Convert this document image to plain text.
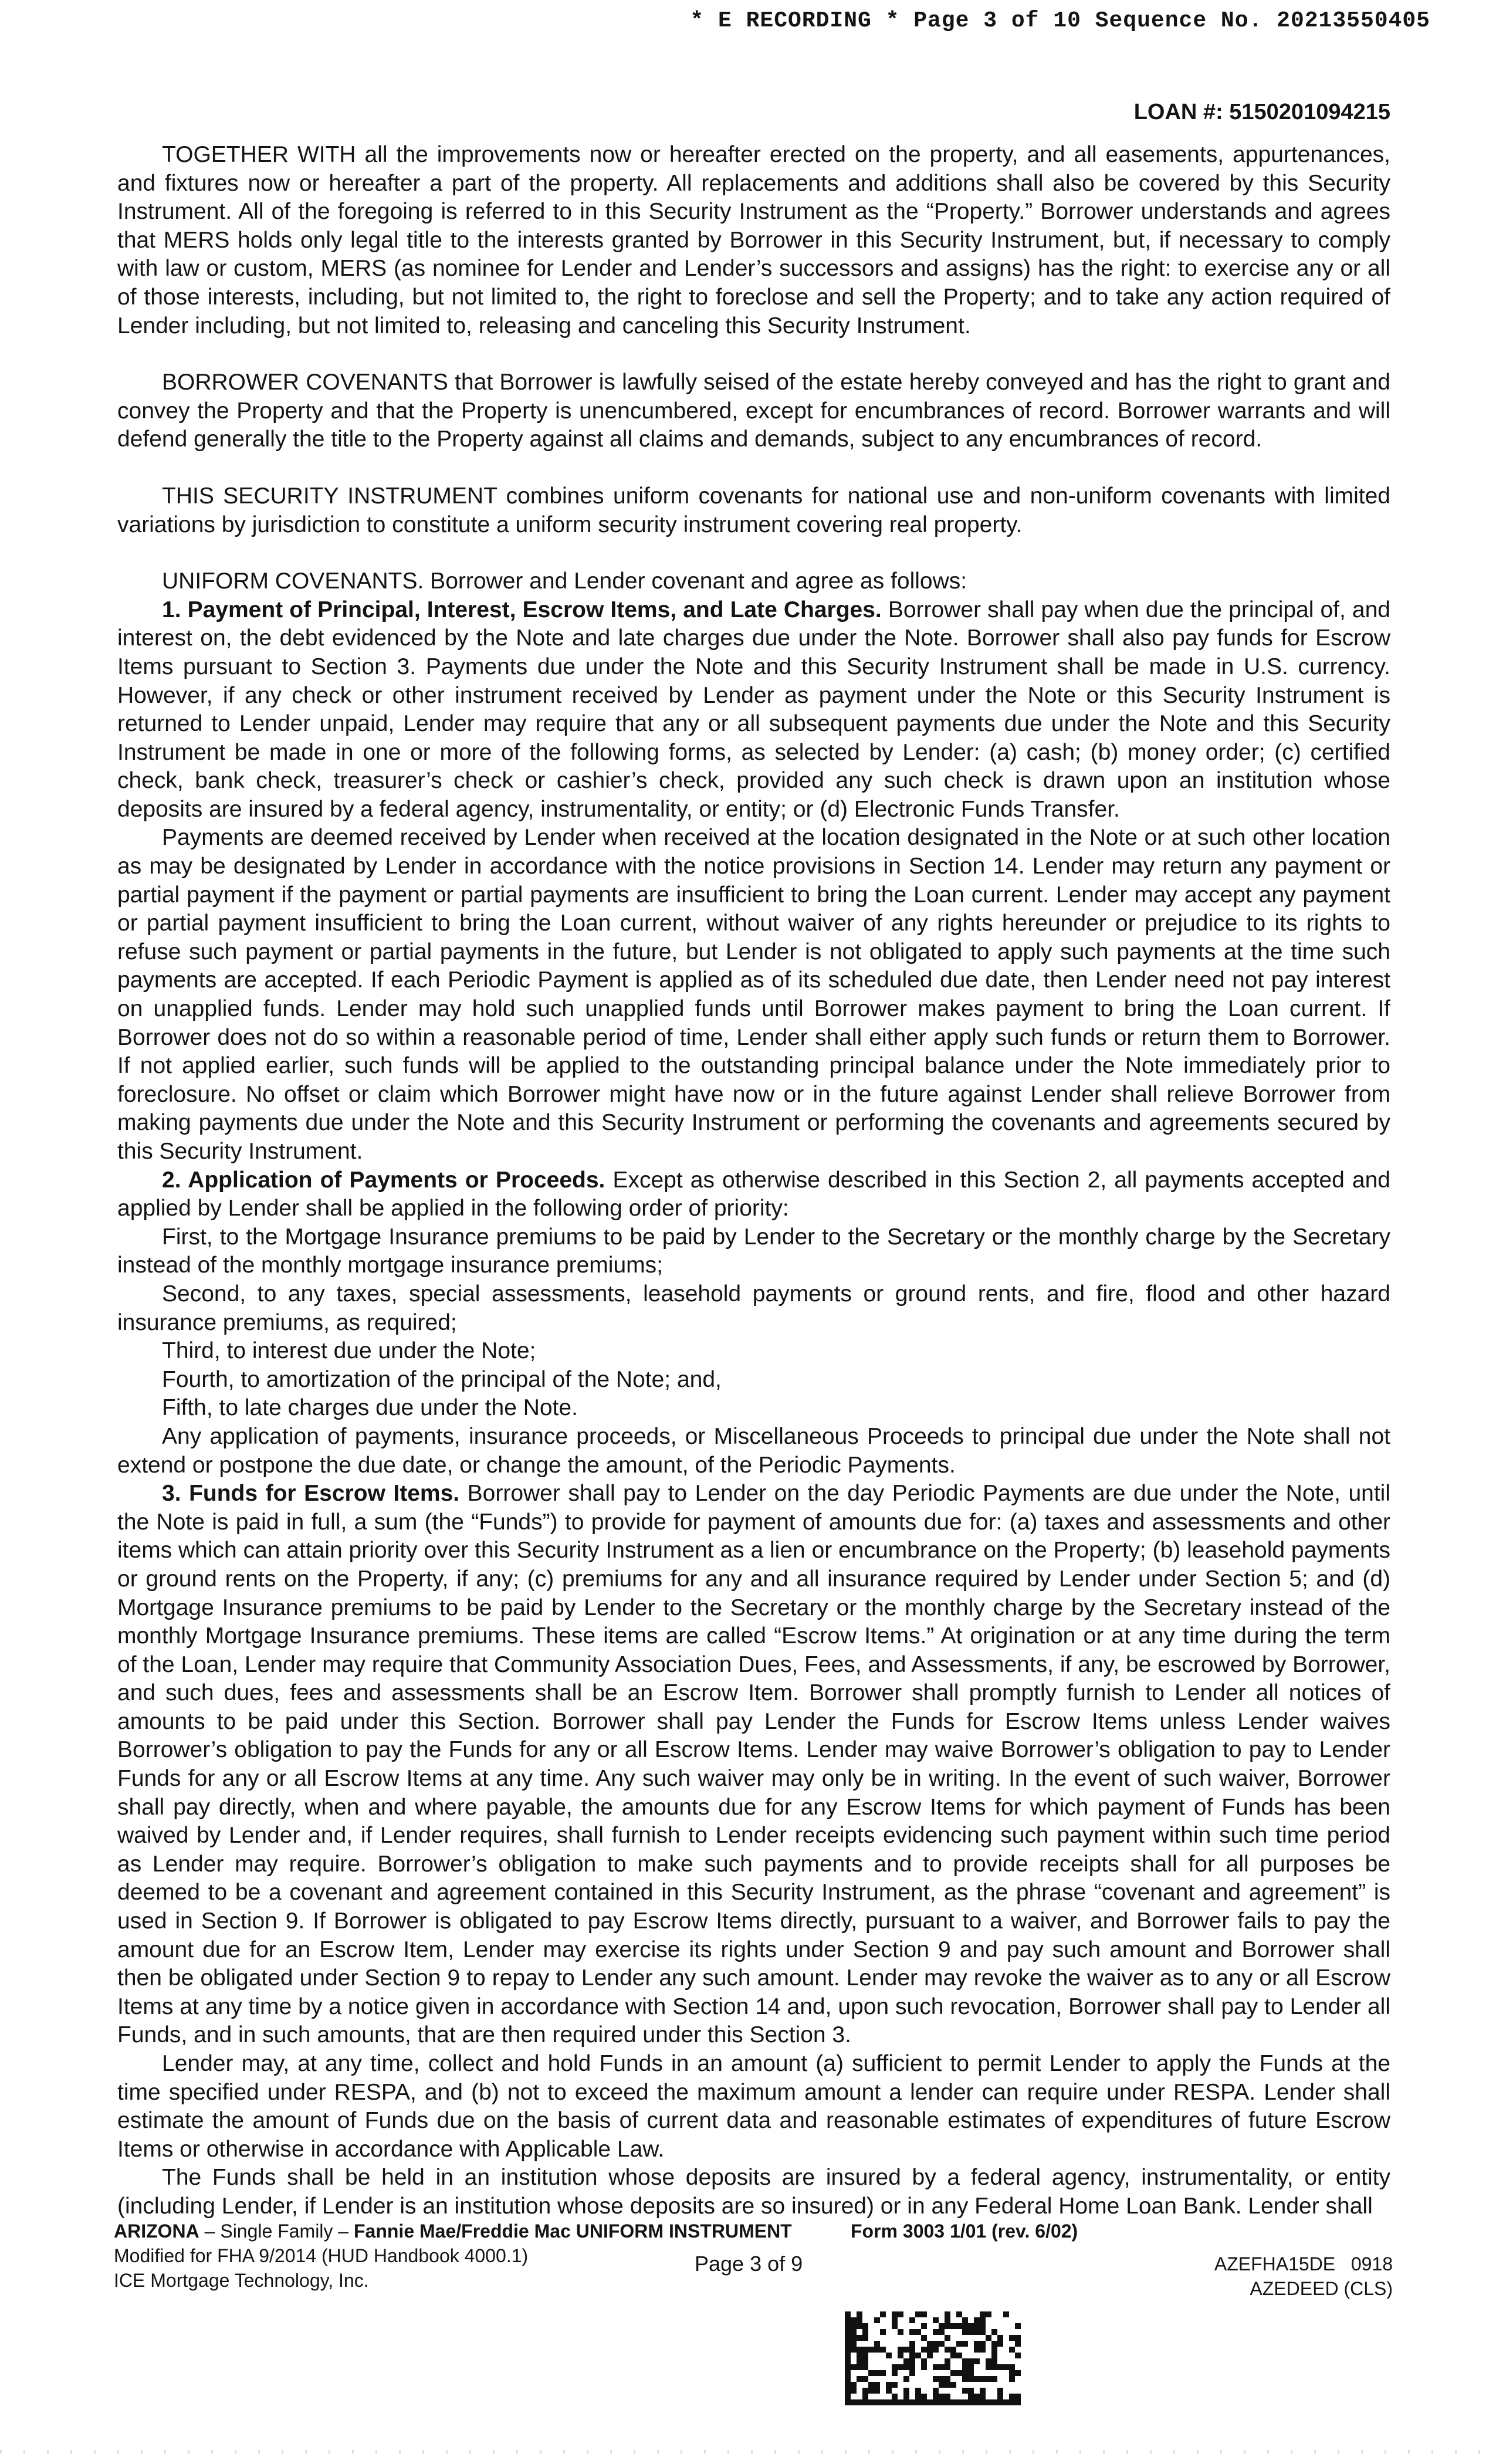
* E RECORDING * Page 3 of 10 Sequence No. 20213550405
LOAN #: 5150201094215

TOGETHER WITH all the improvements now or hereafter erected on the property, and all easements, appurtenances, and fixtures now or hereafter a part of the property. All replacements and additions shall also be covered by this Security Instrument. All of the foregoing is referred to in this Security Instrument as the “Property.” Borrower understands and agrees that MERS holds only legal title to the interests granted by Borrower in this Security Instrument, but, if necessary to comply with law or custom, MERS (as nominee for Lender and Lender’s successors and assigns) has the right: to exercise any or all of those interests, including, but not limited to, the right to foreclose and sell the Property; and to take any action required of Lender including, but not limited to, releasing and canceling this Security Instrument.

BORROWER COVENANTS that Borrower is lawfully seised of the estate hereby conveyed and has the right to grant and convey the Property and that the Property is unencumbered, except for encumbrances of record. Borrower warrants and will defend generally the title to the Property against all claims and demands, subject to any encumbrances of record.

THIS SECURITY INSTRUMENT combines uniform covenants for national use and non-uniform covenants with limited variations by jurisdiction to constitute a uniform security instrument covering real property.

UNIFORM COVENANTS. Borrower and Lender covenant and agree as follows:

1. Payment of Principal, Interest, Escrow Items, and Late Charges. Borrower shall pay when due the principal of, and interest on, the debt evidenced by the Note and late charges due under the Note. Borrower shall also pay funds for Escrow Items pursuant to Section 3. Payments due under the Note and this Security Instrument shall be made in U.S. currency. However, if any check or other instrument received by Lender as payment under the Note or this Security Instrument is returned to Lender unpaid, Lender may require that any or all subsequent payments due under the Note and this Security Instrument be made in one or more of the following forms, as selected by Lender: (a) cash; (b) money order; (c) certified check, bank check, treasurer’s check or cashier’s check, provided any such check is drawn upon an institution whose deposits are insured by a federal agency, instrumentality, or entity; or (d) Electronic Funds Transfer.

Payments are deemed received by Lender when received at the location designated in the Note or at such other location as may be designated by Lender in accordance with the notice provisions in Section 14. Lender may return any payment or partial payment if the payment or partial payments are insufficient to bring the Loan current. Lender may accept any payment or partial payment insufficient to bring the Loan current, without waiver of any rights hereunder or prejudice to its rights to refuse such payment or partial payments in the future, but Lender is not obligated to apply such payments at the time such payments are accepted. If each Periodic Payment is applied as of its scheduled due date, then Lender need not pay interest on unapplied funds. Lender may hold such unapplied funds until Borrower makes payment to bring the Loan current. If Borrower does not do so within a reasonable period of time, Lender shall either apply such funds or return them to Borrower. If not applied earlier, such funds will be applied to the outstanding principal balance under the Note immediately prior to foreclosure. No offset or claim which Borrower might have now or in the future against Lender shall relieve Borrower from making payments due under the Note and this Security Instrument or performing the covenants and agreements secured by this Security Instrument.

2. Application of Payments or Proceeds. Except as otherwise described in this Section 2, all payments accepted and applied by Lender shall be applied in the following order of priority:

First, to the Mortgage Insurance premiums to be paid by Lender to the Secretary or the monthly charge by the Secretary instead of the monthly mortgage insurance premiums;

Second, to any taxes, special assessments, leasehold payments or ground rents, and fire, flood and other hazard insurance premiums, as required;

Third, to interest due under the Note;

Fourth, to amortization of the principal of the Note; and,

Fifth, to late charges due under the Note.

Any application of payments, insurance proceeds, or Miscellaneous Proceeds to principal due under the Note shall not extend or postpone the due date, or change the amount, of the Periodic Payments.

3. Funds for Escrow Items. Borrower shall pay to Lender on the day Periodic Payments are due under the Note, until the Note is paid in full, a sum (the “Funds”) to provide for payment of amounts due for: (a) taxes and assessments and other items which can attain priority over this Security Instrument as a lien or encumbrance on the Property; (b) leasehold payments or ground rents on the Property, if any; (c) premiums for any and all insurance required by Lender under Section 5; and (d) Mortgage Insurance premiums to be paid by Lender to the Secretary or the monthly charge by the Secretary instead of the monthly Mortgage Insurance premiums. These items are called “Escrow Items.” At origination or at any time during the term of the Loan, Lender may require that Community Association Dues, Fees, and Assessments, if any, be escrowed by Borrower, and such dues, fees and assessments shall be an Escrow Item. Borrower shall promptly furnish to Lender all notices of amounts to be paid under this Section. Borrower shall pay Lender the Funds for Escrow Items unless Lender waives Borrower’s obligation to pay the Funds for any or all Escrow Items. Lender may waive Borrower’s obligation to pay to Lender Funds for any or all Escrow Items at any time. Any such waiver may only be in writing. In the event of such waiver, Borrower shall pay directly, when and where payable, the amounts due for any Escrow Items for which payment of Funds has been waived by Lender and, if Lender requires, shall furnish to Lender receipts evidencing such payment within such time period as Lender may require. Borrower’s obligation to make such payments and to provide receipts shall for all purposes be deemed to be a covenant and agreement contained in this Security Instrument, as the phrase “covenant and agreement” is used in Section 9. If Borrower is obligated to pay Escrow Items directly, pursuant to a waiver, and Borrower fails to pay the amount due for an Escrow Item, Lender may exercise its rights under Section 9 and pay such amount and Borrower shall then be obligated under Section 9 to repay to Lender any such amount. Lender may revoke the waiver as to any or all Escrow Items at any time by a notice given in accordance with Section 14 and, upon such revocation, Borrower shall pay to Lender all Funds, and in such amounts, that are then required under this Section 3.

Lender may, at any time, collect and hold Funds in an amount (a) sufficient to permit Lender to apply the Funds at the time specified under RESPA, and (b) not to exceed the maximum amount a lender can require under RESPA. Lender shall estimate the amount of Funds due on the basis of current data and reasonable estimates of expenditures of future Escrow Items or otherwise in accordance with Applicable Law.

The Funds shall be held in an institution whose deposits are insured by a federal agency, instrumentality, or entity (including Lender, if Lender is an institution whose deposits are so insured) or in any Federal Home Loan Bank. Lender shall

ARIZONA – Single Family – Fannie Mae/Freddie Mac UNIFORM INSTRUMENT
Modified for FHA 9/2014 (HUD Handbook 4000.1)
ICE Mortgage Technology, Inc.
Form 3003 1/01 (rev. 6/02)
Page 3 of 9	AZEFHA15DE   0918
AZEDEED (CLS)
